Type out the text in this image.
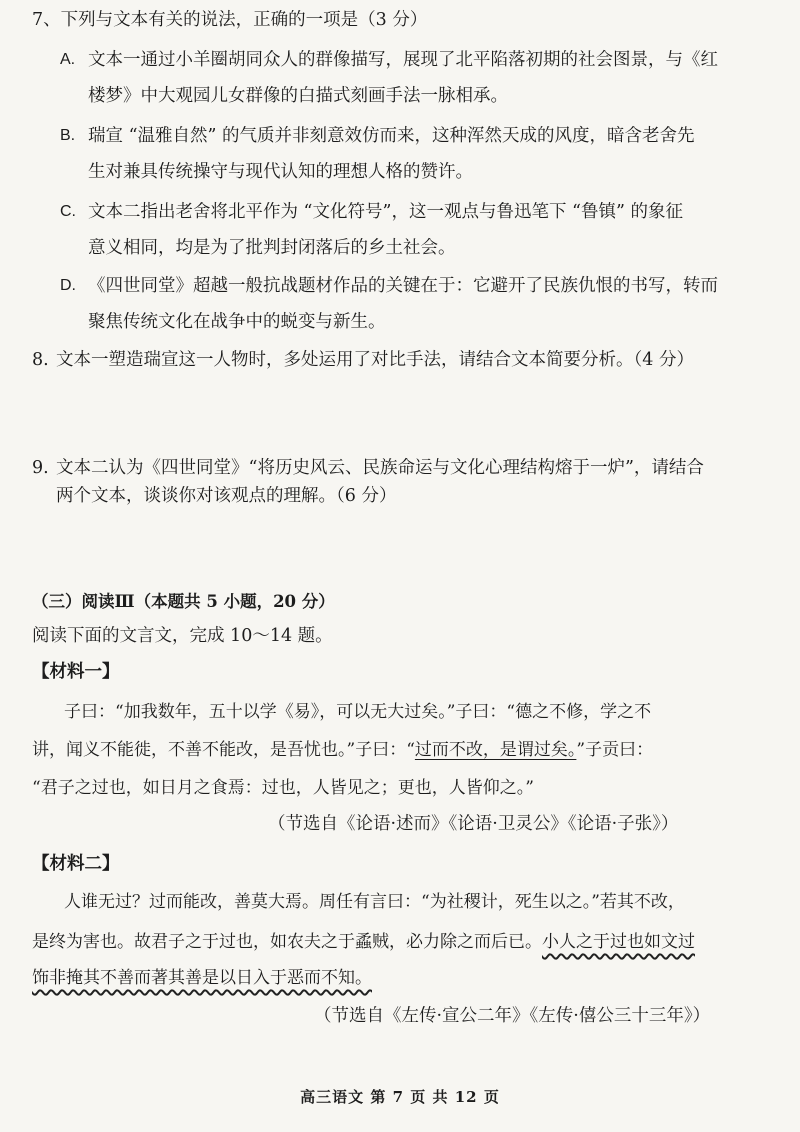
7、下列与文本有关的说法，正确的一项是（3 分）
A. 文本一通过小羊圈胡同众人的群像描写，展现了北平陷落初期的社会图景，与《红
楼梦》中大观园儿女群像的白描式刻画手法一脉相承。
B. 瑞宣 “温雅自然” 的气质并非刻意效仿而来，这种浑然天成的风度，暗含老舍先
生对兼具传统操守与现代认知的理想人格的赞许。
C. 文本二指出老舍将北平作为 “文化符号”，这一观点与鲁迅笔下 “鲁镇” 的象征
意义相同，均是为了批判封闭落后的乡土社会。
D. 《四世同堂》超越一般抗战题材作品的关键在于：它避开了民族仇恨的书写，转而
聚焦传统文化在战争中的蜕变与新生。
8. 文本一塑造瑞宣这一人物时，多处运用了对比手法，请结合文本简要分析。（4 分）
9. 文本二认为《四世同堂》“将历史风云、民族命运与文化心理结构熔于一炉”，请结合
两个文本，谈谈你对该观点的理解。（6 分）
（三）阅读Ⅲ（本题共 5 小题，20 分）
阅读下面的文言文，完成 10～14 题。
【材料一】
子曰：“加我数年，五十以学《易》，可以无大过矣。”子曰：“德之不修，学之不
讲，闻义不能徙，不善不能改，是吾忧也。”子曰：“过而不改，是谓过矣。”子贡曰：
“君子之过也，如日月之食焉：过也，人皆见之；更也，人皆仰之。”
（节选自《论语·述而》《论语·卫灵公》《论语·子张》）
【材料二】
人谁无过？过而能改，善莫大焉。周任有言曰：“为社稷计，死生以之。”若其不改，
是终为害也。故君子之于过也，如农夫之于蟊贼，必力除之而后已。小人之于过也如文过
饰非掩其不善而著其善是以日入于恶而不知。
（节选自《左传·宣公二年》《左传·僖公三十三年》）
高三语文 第 7 页 共 12 页
